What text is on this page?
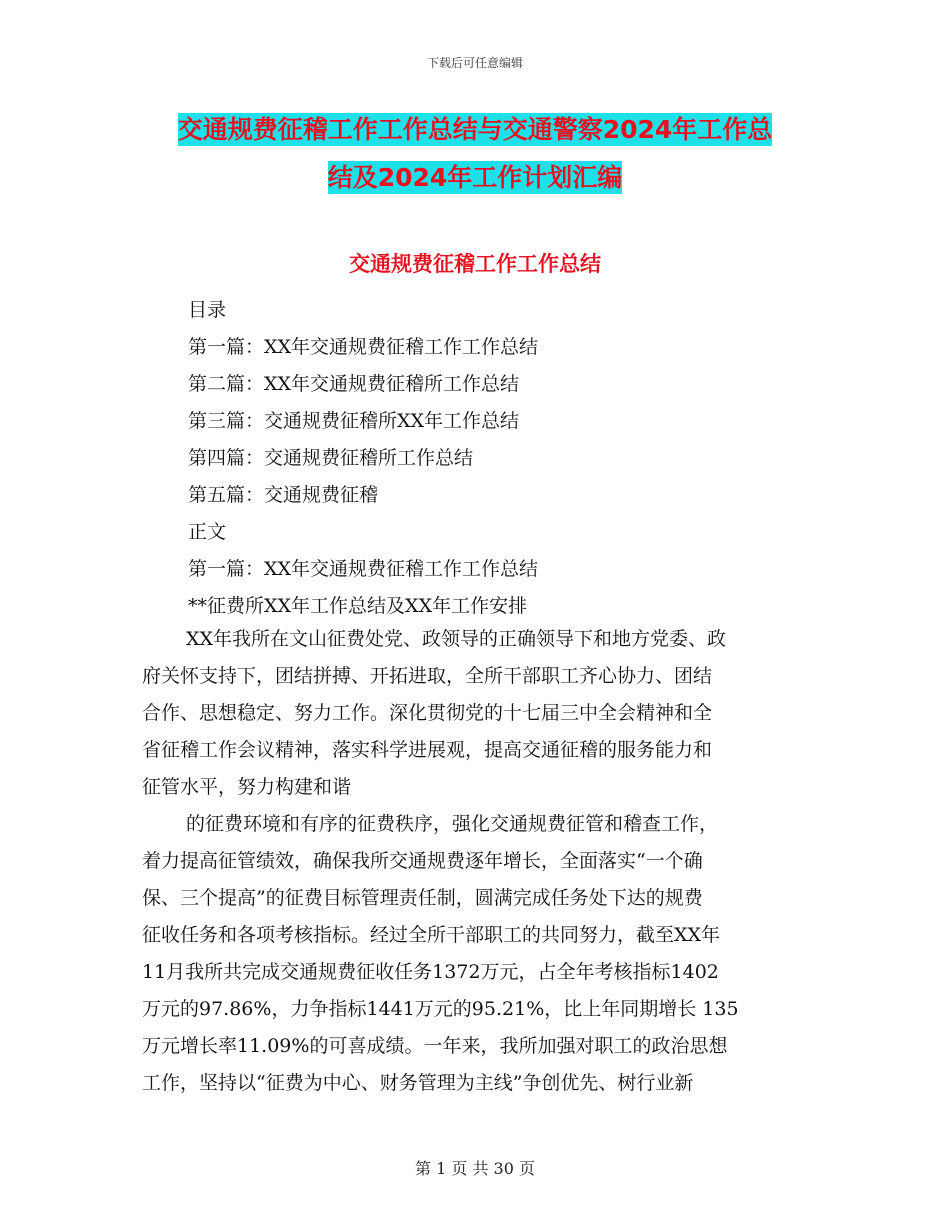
下载后可任意编辑
交通规费征稽工作工作总结与交通警察2024年工作总
结及2024年工作计划汇编
交通规费征稽工作工作总结
目录
第一篇：XX年交通规费征稽工作工作总结
第二篇：XX年交通规费征稽所工作总结
第三篇：交通规费征稽所XX年工作总结
第四篇：交通规费征稽所工作总结
第五篇：交通规费征稽
正文
第一篇：XX年交通规费征稽工作工作总结
**征费所XX年工作总结及XX年工作安排

XX年我所在文山征费处党、政领导的正确领导下和地方党委、政
府关怀支持下，团结拼搏、开拓进取，全所干部职工齐心协力、团结
合作、思想稳定、努力工作。深化贯彻党的十七届三中全会精神和全
省征稽工作会议精神，落实科学进展观，提高交通征稽的服务能力和
征管水平，努力构建和谐

的征费环境和有序的征费秩序，强化交通规费征管和稽查工作，
着力提高征管绩效，确保我所交通规费逐年增长，全面落实“一个确
保、三个提高”的征费目标管理责任制，圆满完成任务处下达的规费
征收任务和各项考核指标。经过全所干部职工的共同努力，截至XX年
11月我所共完成交通规费征收任务1372万元，占全年考核指标1402
万元的97.86%，力争指标1441万元的95.21%，比上年同期增长 135
万元增长率11.09%的可喜成绩。一年来，我所加强对职工的政治思想
工作，坚持以“征费为中心、财务管理为主线”争创优先、树行业新

第 1 页 共 30 页
